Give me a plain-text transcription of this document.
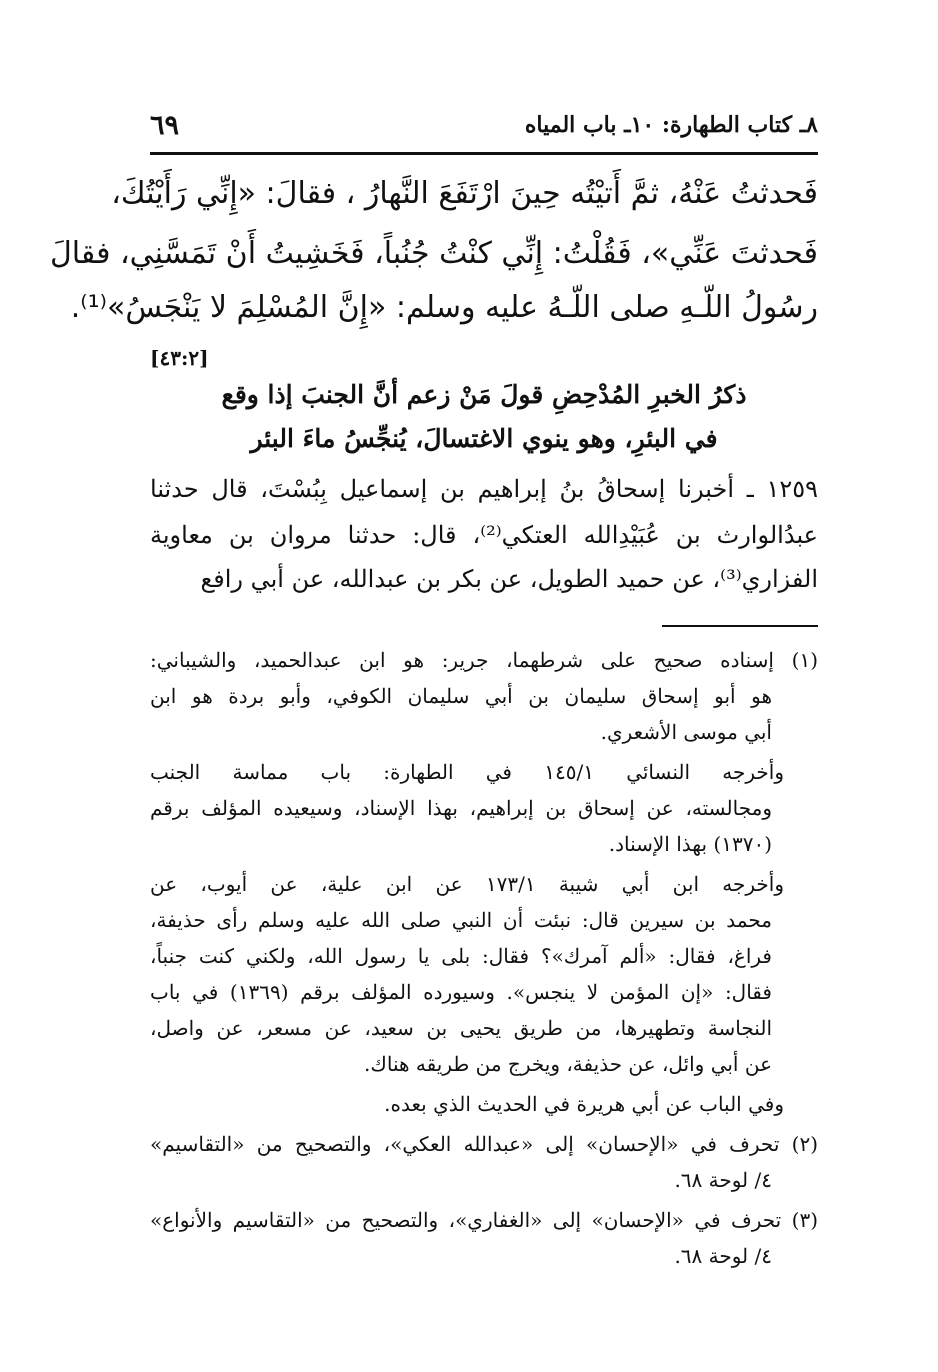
٨ـ كتاب الطهارة: ١٠ـ باب المياه
٦٩
فَحدثتُ عَنْهُ، ثمَّ أَتيْتُه حِينَ ارْتَفَعَ النَّهارُ ، فقالَ: «إِنِّي رَأَيْتُكَ،
فَحدثتَ عَنِّي»، فَقُلْتُ: إِنِّي كنْتُ جُنُباً، فَخَشِيتُ أَنْ تَمَسَّنِي، فقالَ
رسُولُ اللّـهِ صلى اللّـهُ عليه وسلم: «إِنَّ المُسْلِمَ لا يَنْجَسُ»⁽¹⁾.
[٤٣:٢]
ذكرُ الخبرِ المُدْحِضِ قولَ مَنْ زعم أنَّ الجنبَ إذا وقع
في البئرِ، وهو ينوي الاغتسالَ، يُنجِّسُ ماءَ البئر
١٢٥٩ ـ أخبرنا إسحاقُ بنُ إبراهيم بن إسماعيل بِبُسْتَ، قال حدثنا
عبدُالوارث بن عُبَيْدِالله العتكي⁽²⁾، قال: حدثنا مروان بن معاوية
الفزاري⁽³⁾، عن حميد الطويل، عن بكر بن عبدالله، عن أبي رافع
(١) إسناده صحيح على شرطهما، جرير: هو ابن عبدالحميد، والشيباني:
هو أبو إسحاق سليمان بن أبي سليمان الكوفي، وأبو بردة هو ابن
أبي موسى الأشعري.
وأخرجه النسائي ١٤٥/١ في الطهارة: باب مماسة الجنب
ومجالسته، عن إسحاق بن إبراهيم، بهذا الإسناد، وسيعيده المؤلف برقم
(١٣٧٠) بهذا الإسناد.
وأخرجه ابن أبي شيبة ١٧٣/١ عن ابن علية، عن أيوب، عن
محمد بن سيرين قال: نبئت أن النبي صلى الله عليه وسلم رأى حذيفة،
فراغ، فقال: «ألم آمرك»؟ فقال: بلى يا رسول الله، ولكني كنت جنباً،
فقال: «إن المؤمن لا ينجس». وسيورده المؤلف برقم (١٣٦٩) في باب
النجاسة وتطهيرها، من طريق يحيى بن سعيد، عن مسعر، عن واصل،
عن أبي وائل، عن حذيفة، ويخرج من طريقه هناك.
وفي الباب عن أبي هريرة في الحديث الذي بعده.
(٢) تحرف في «الإحسان» إلى «عبدالله العكي»، والتصحيح من «التقاسيم»
٤/ لوحة ٦٨.
(٣) تحرف في «الإحسان» إلى «الغفاري»، والتصحيح من «التقاسيم والأنواع»
٤/ لوحة ٦٨.
